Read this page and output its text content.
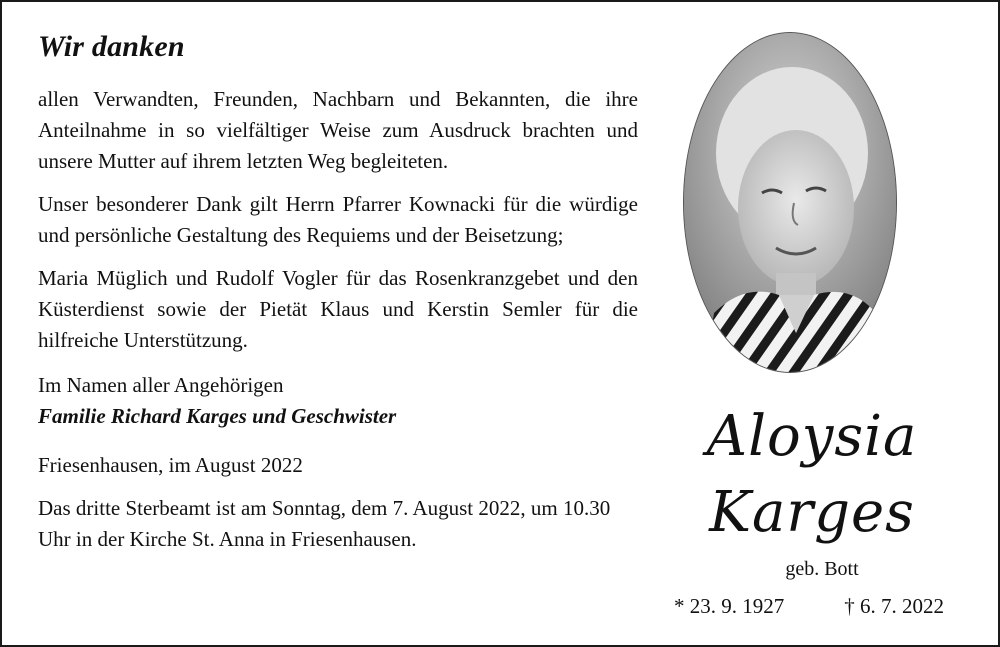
Wir danken

allen Verwandten, Freunden, Nachbarn und Bekannten, die ihre Anteilnahme in so vielfältiger Weise zum Ausdruck brachten und unsere Mutter auf ihrem letzten Weg begleiteten.

Unser besonderer Dank gilt Herrn Pfarrer Kownacki für die würdige und persönliche Gestaltung des Requiems und der Beisetzung;

Maria Müglich und Rudolf Vogler für das Rosenkranzgebet und den Küsterdienst sowie der Pietät Klaus und Kerstin Semler für die hilfreiche Unterstützung.

Im Namen aller Angehörigen
Familie Richard Karges und Geschwister
Friesenhausen, im August 2022
Das dritte Sterbeamt ist am Sonntag, dem 7. August 2022, um 10.30 Uhr in der Kirche St. Anna in Friesenhausen.
Aloysia
Karges
geb. Bott
* 23. 9. 1927	† 6. 7. 2022
